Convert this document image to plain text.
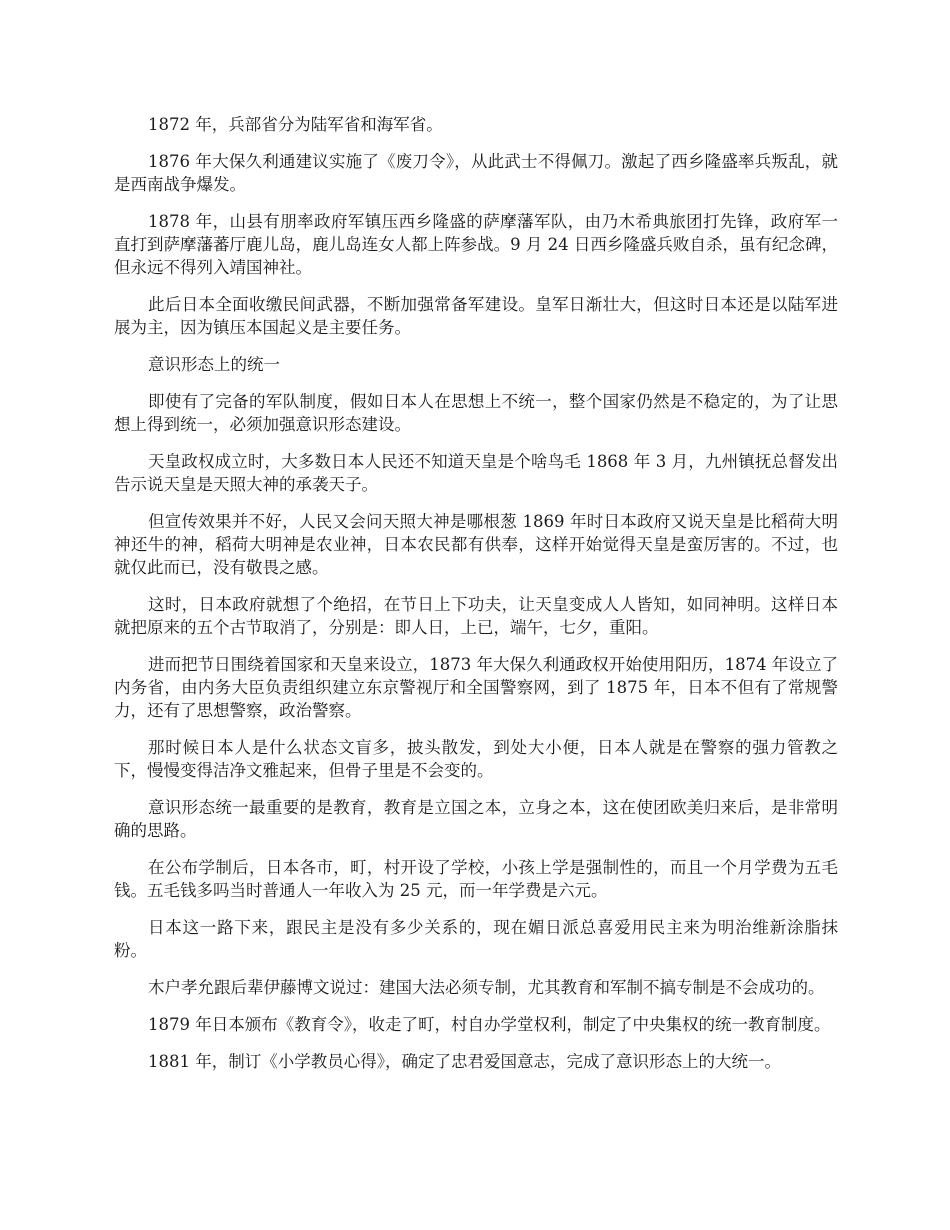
1872 年，兵部省分为陆军省和海军省。

1876 年大保久利通建议实施了《废刀令》，从此武士不得佩刀。激起了西乡隆盛率兵叛乱，就是西南战争爆发。

1878 年，山县有朋率政府军镇压西乡隆盛的萨摩藩军队，由乃木希典旅团打先锋，政府军一直打到萨摩藩蕃厅鹿儿岛，鹿儿岛连女人都上阵参战。9 月 24 日西乡隆盛兵败自杀，虽有纪念碑，但永远不得列入靖国神社。

此后日本全面收缴民间武器，不断加强常备军建设。皇军日渐壮大，但这时日本还是以陆军进展为主，因为镇压本国起义是主要任务。

意识形态上的统一

即使有了完备的军队制度，假如日本人在思想上不统一，整个国家仍然是不稳定的，为了让思想上得到统一，必须加强意识形态建设。

天皇政权成立时，大多数日本人民还不知道天皇是个啥鸟毛 1868 年 3 月，九州镇抚总督发出告示说天皇是天照大神的承袭天子。

但宣传效果并不好，人民又会问天照大神是哪根葱 1869 年时日本政府又说天皇是比稻荷大明神还牛的神，稻荷大明神是农业神，日本农民都有供奉，这样开始觉得天皇是蛮厉害的。不过，也就仅此而已，没有敬畏之感。

这时，日本政府就想了个绝招，在节日上下功夫，让天皇变成人人皆知，如同神明。这样日本就把原来的五个古节取消了，分别是：即人日，上已，端午，七夕，重阳。

进而把节日围绕着国家和天皇来设立，1873 年大保久利通政权开始使用阳历，1874 年设立了内务省，由内务大臣负责组织建立东京警视厅和全国警察网，到了 1875 年，日本不但有了常规警力，还有了思想警察，政治警察。

那时候日本人是什么状态文盲多，披头散发，到处大小便，日本人就是在警察的强力管教之下，慢慢变得洁净文雅起来，但骨子里是不会变的。

意识形态统一最重要的是教育，教育是立国之本，立身之本，这在使团欧美归来后，是非常明确的思路。

在公布学制后，日本各市，町，村开设了学校，小孩上学是强制性的，而且一个月学费为五毛钱。五毛钱多吗当时普通人一年收入为 25 元，而一年学费是六元。

日本这一路下来，跟民主是没有多少关系的，现在媚日派总喜爱用民主来为明治维新涂脂抹粉。

木户孝允跟后辈伊藤博文说过：建国大法必须专制，尤其教育和军制不搞专制是不会成功的。

1879 年日本颁布《教育令》，收走了町，村自办学堂权利，制定了中央集权的统一教育制度。

1881 年，制订《小学教员心得》，确定了忠君爱国意志，完成了意识形态上的大统一。
